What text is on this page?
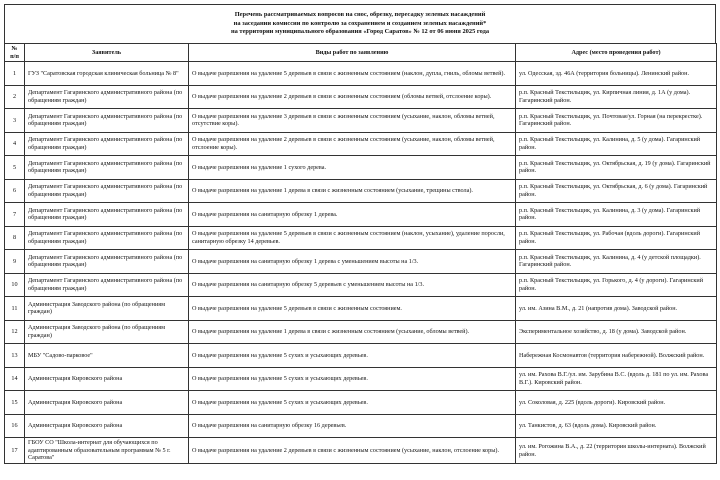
Перечень рассматриваемых вопросов на снос, обрезку, пересадку зеленых насаждений
на заседании комиссии по контролю за сохранением и созданием зеленых насаждений*
на территории муниципального образования «Город Саратов» № 12 от 06 июня 2025 года
№ п/п	Заявитель	Виды работ по заявлению	Адрес (место проведения работ)
1	ГУЗ "Саратовская городская клиническая больница № 8"	О выдаче разрешения на удаление 5 деревьев в связи с жизненным состоянием (наклон, дупла, гниль, обломы ветвей).	ул. Одесская, зд. 46А (территория больницы). Ленинский район.
2	Департамент Гагаринского административного района (по обращениям граждан)	О выдаче разрешения на удаление 2 деревьев в связи с жизненным состоянием (обломы ветвей, отслоение коры).	р.п. Красный Текстильщик, ул. Кирпичная линия, д. 1А (у дома). Гагаринский район.
3	Департамент Гагаринского административного района (по обращениям граждан)	О выдаче разрешения на удаление 3 деревьев в связи с жизненным состоянием (усыхание, наклон, обломы ветвей, отсутствие коры).	р.п. Красный Текстильщик, ул. Почтовая/ул. Горная (на перекрестке). Гагаринский район.
4	Департамент Гагаринского административного района (по обращениям граждан)	О выдаче разрешения на удаление 2 деревьев в связи с жизненным состоянием (усыхание, наклон, обломы ветвей, отслоение коры).	р.п. Красный Текстильщик, ул. Калинина, д. 5 (у дома). Гагаринский район.
5	Департамент Гагаринского административного района (по обращениям граждан)	О выдаче разрешения на удаление 1 сухого дерева.	р.п. Красный Текстильщик, ул. Октябрьская, д. 19 (у дома). Гагаринский район.
6	Департамент Гагаринского административного района (по обращениям граждан)	О выдаче разрешения на удаление 1 дерева в связи с жизненным состоянием (усыхание, трещины ствола).	р.п. Красный Текстильщик, ул. Октябрьская, д. 6 (у дома). Гагаринский район.
7	Департамент Гагаринского административного района (по обращениям граждан)	О выдаче разрешения на санитарную обрезку 1 дерева.	р.п. Красный Текстильщик, ул. Калинина, д. 3 (у дома). Гагаринский район.
8	Департамент Гагаринского административного района (по обращениям граждан)	О выдаче разрешения на удаление 5 деревьев в связи с жизненным состоянием (наклон, усыхание), удаление поросли, санитарную обрезку 14 деревьев.	р.п. Красный Текстильщик, ул. Рабочая (вдоль дороги). Гагаринский район.
9	Департамент Гагаринского административного района (по обращениям граждан)	О выдаче разрешения на санитарную обрезку 1 дерева с уменьшением высоты на 1/3.	р.п. Красный Текстильщик, ул. Калинина, д. 4 (у детской площадки). Гагаринский район.
10	Департамент Гагаринского административного района (по обращениям граждан)	О выдаче разрешения на санитарную обрезку 5 деревьев с уменьшением высоты на 1/3.	р.п. Красный Текстильщик, ул. Горького, д. 4 (у дороги). Гагаринский район.
11	Администрация Заводского района (по обращениям граждан)	О выдаче разрешения на удаление 5 деревьев в связи с жизненным состоянием.	ул. им. Азина В.М., д. 21 (напротив дома). Заводской район.
12	Администрация Заводского района (по обращениям граждан)	О выдаче разрешения на удаление 1 дерева в связи с жизненным состоянием (усыхание, обломы ветвей).	Экспериментальное хозяйство, д. 18 (у дома). Заводской район.
13	МБУ "Садово-парковое"	О выдаче разрешения на удаление 5 сухих и усыхающих деревьев.	Набережная Космонавтов (территория набережной). Волжский район.
14	Администрация Кировского района	О выдаче разрешения на удаление 5 сухих и усыхающих деревьев.	ул. им. Рахова В.Г./ул. им. Зарубина В.С. (вдоль д. 181 по ул. им. Рахова В.Г.). Кировский район.
15	Администрация Кировского района	О выдаче разрешения на удаление 5 сухих и усыхающих деревьев.	ул. Соколовая, д. 225 (вдоль дороги). Кировский район.
16	Администрация Кировского района	О выдаче разрешения на санитарную обрезку 16 деревьев.	ул. Танкистов, д. 63 (вдоль дома). Кировский район.
17	ГБОУ СО "Школа-интернат для обучающихся по адаптированным образовательным программам № 5 г. Саратова"	О выдаче разрешения на удаление 2 деревьев в связи с жизненным состоянием (усыхание, наклон, отслоение коры).	ул. им. Рогожина В.А., д. 22 (территория школы-интерната). Волжский район.
